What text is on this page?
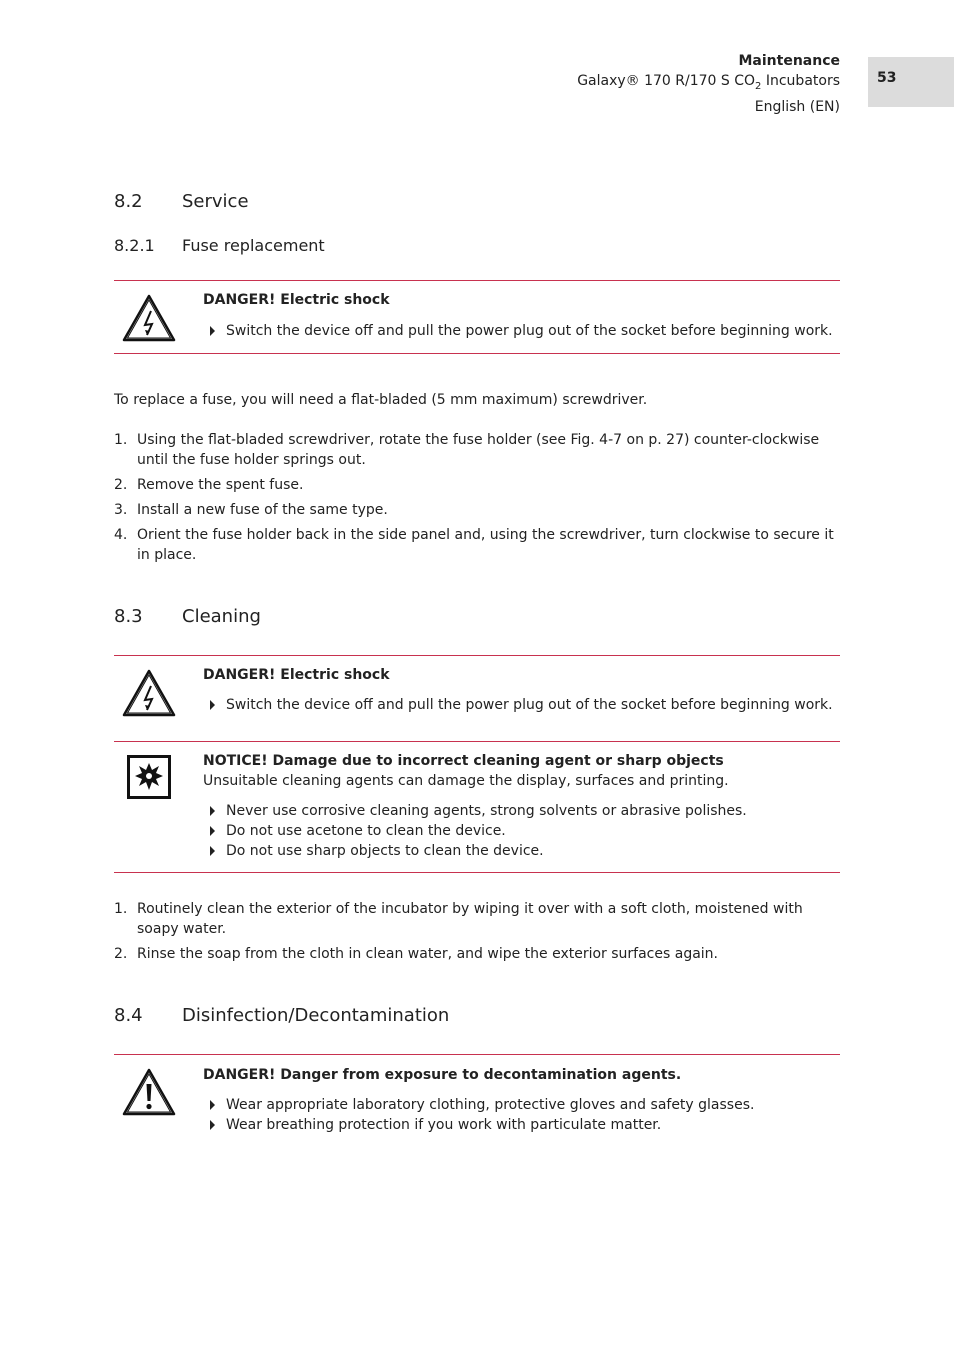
Maintenance
Galaxy® 170 R/170 S $CO_2$ Incubators
English (EN)
53
8.2 Service
8.2.1 Fuse replacement
DANGER! Electric shock
Switch the device off and pull the power plug out of the socket before beginning work.
To replace a fuse, you will need a flat-bladed (5 mm maximum) screwdriver.
1. Using the flat-bladed screwdriver, rotate the fuse holder (see Fig. 4-7 on p. 27) counter-clockwise until the fuse holder springs out.
2. Remove the spent fuse.
3. Install a new fuse of the same type.
4. Orient the fuse holder back in the side panel and, using the screwdriver, turn clockwise to secure it in place.
8.3 Cleaning
DANGER! Electric shock
Switch the device off and pull the power plug out of the socket before beginning work.
NOTICE! Damage due to incorrect cleaning agent or sharp objects
Unsuitable cleaning agents can damage the display, surfaces and printing.
Never use corrosive cleaning agents, strong solvents or abrasive polishes.
Do not use acetone to clean the device.
Do not use sharp objects to clean the device.
1. Routinely clean the exterior of the incubator by wiping it over with a soft cloth, moistened with soapy water.
2. Rinse the soap from the cloth in clean water, and wipe the exterior surfaces again.
8.4 Disinfection/Decontamination
DANGER! Danger from exposure to decontamination agents.
Wear appropriate laboratory clothing, protective gloves and safety glasses.
Wear breathing protection if you work with particulate matter.
